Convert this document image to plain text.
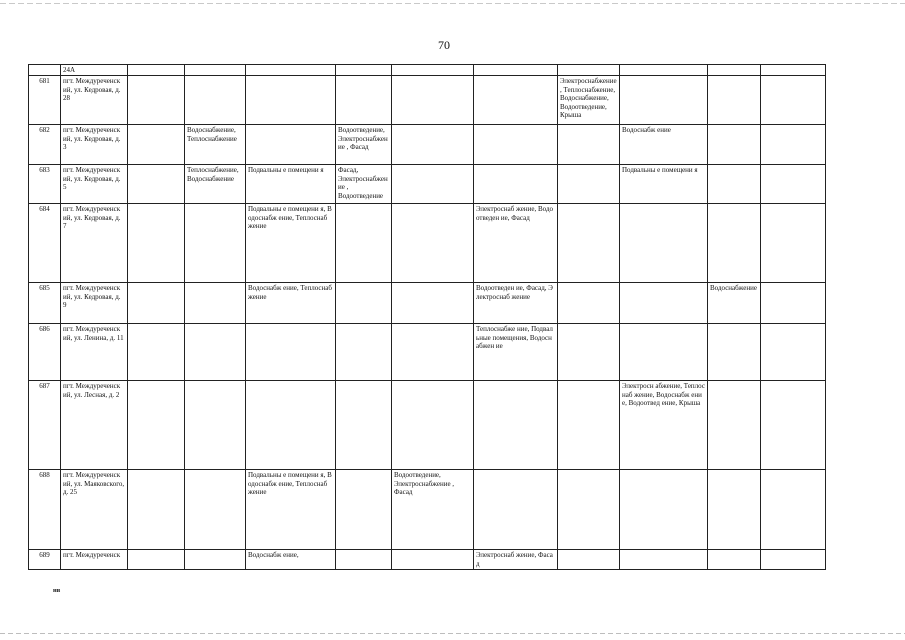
70
	24А										
681	пгт. Междуреченск ий, ул. Кедровая, д. 28							Электроснабжение, Теплоснабжение, Водоснабжение, Водоотведение, Крыша			
682	пгт. Междуреченск ий, ул. Кедровая, д. 3		Водоснабжение, Теплоснабжение		Водоотведение, Электроснабжение , Фасад				Водоснабж ение		
683	пгт. Междуреченск ий, ул. Кедровая, д. 5		Теплоснабжение, Водоснабжение	Подвальны е помещени я	Фасад, Электроснабжение , Водоотведение				Подвальны е помещени я		
684	пгт. Междуреченск ий, ул. Кедровая, д. 7			Подвальны е помещени я, Водоснабж ение, Теплоснаб жение			Электроснаб жение, Водоотведен ие, Фасад				
685	пгт. Междуреченск ий, ул. Кедровая, д. 9			Водоснабж ение, Теплоснаб жение			Водоотведен ие, Фасад, Электроснаб жение			Водоснабжение	
686	пгт. Междуреченск ий, ул. Ленина, д. 11						Теплоснабже ние, Подвальные помещения, Водоснабжен ие				
687	пгт. Междуреченск ий, ул. Лесная, д. 2								Электросн абжение, Теплоснаб жение, Водоснабж ение, Водоотвед ение, Крыша		
688	пгт. Междуреченск ий, ул. Маяковского, д. 25			Подвальны е помещени я, Водоснабж ение, Теплоснаб жение		Водоотведение, Электроснабжение , Фасад					
689	пгт. Междуреченск			Водоснабж ение,			Электроснаб жение, Фасад				
нв
